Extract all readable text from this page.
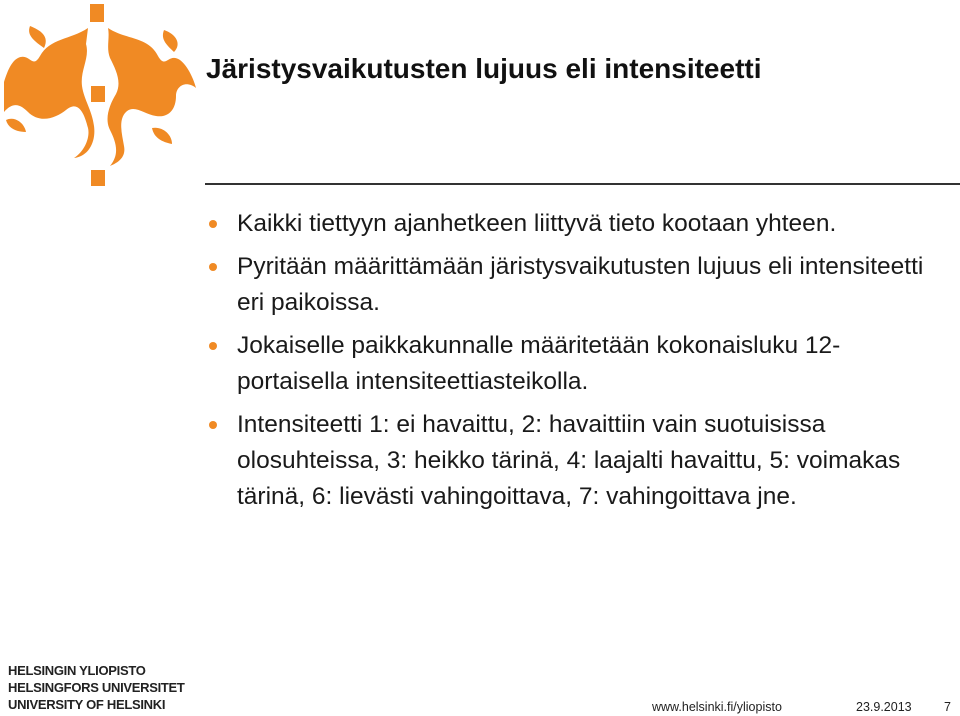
Järistysvaikutusten lujuus eli intensiteetti
Kaikki tiettyyn ajanhetkeen liittyvä tieto kootaan yhteen.
Pyritään määrittämään järistysvaikutusten lujuus eli intensiteetti eri paikoissa.
Jokaiselle paikkakunnalle määritetään kokonaisluku 12-portaisella intensiteettiasteikolla.
Intensiteetti 1: ei havaittu, 2: havaittiin vain suotuisissa olosuhteissa, 3: heikko tärinä, 4: laajalti havaittu, 5: voimakas tärinä, 6: lievästi vahingoittava, 7: vahingoittava jne.
HELSINGIN YLIOPISTO
HELSINGFORS UNIVERSITET
UNIVERSITY OF HELSINKI	www.helsinki.fi/yliopisto	23.9.2013	7
